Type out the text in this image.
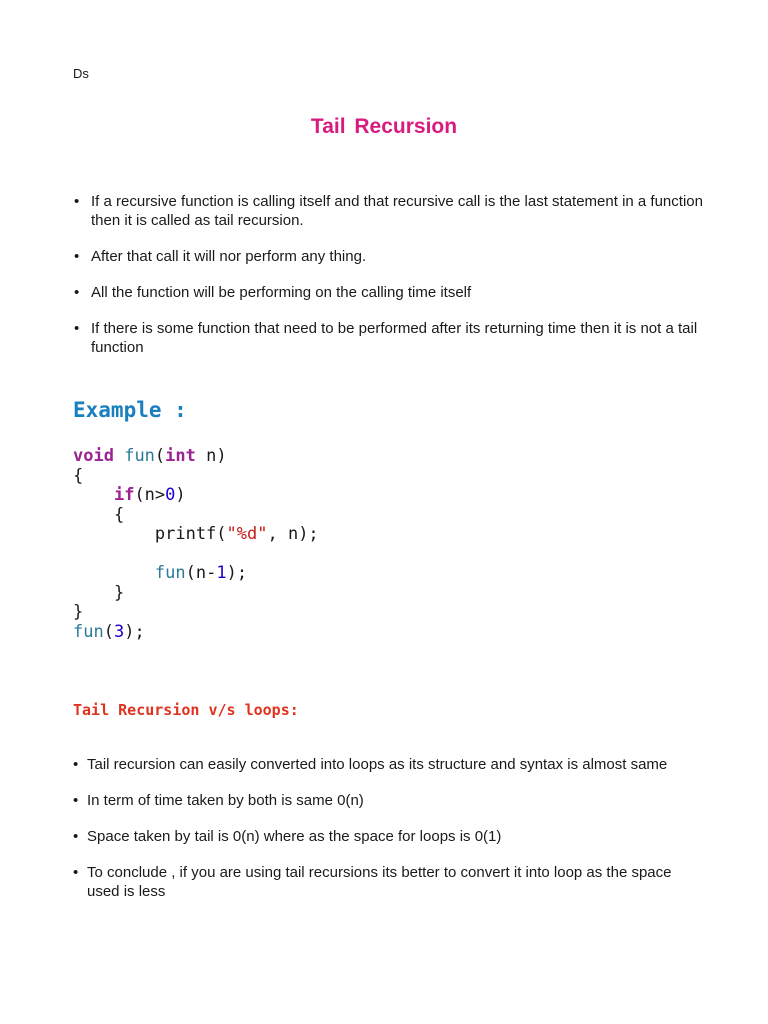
Ds
Tail Recursion
• If a recursive function is calling itself and that recursive call is the last statement in a function then it is called as tail recursion.
• After that call it will nor perform any thing.
• All the function will be performing on the calling time itself
• If there is some function that need to be performed after its returning time then it is not a tail function
Example :
void fun(int n)
{
if(n>0)
{
printf("%d", n);
fun(n-1);
}
}
fun(3);
Tail Recursion v/s loops:
• Tail recursion can easily converted into loops as its structure and syntax is almost same
• In term of time taken by both is same 0(n)
• Space taken by tail is 0(n) where as the space for loops is 0(1)
• To conclude , if you are using tail recursions its better to convert it into loop as the space used is less
